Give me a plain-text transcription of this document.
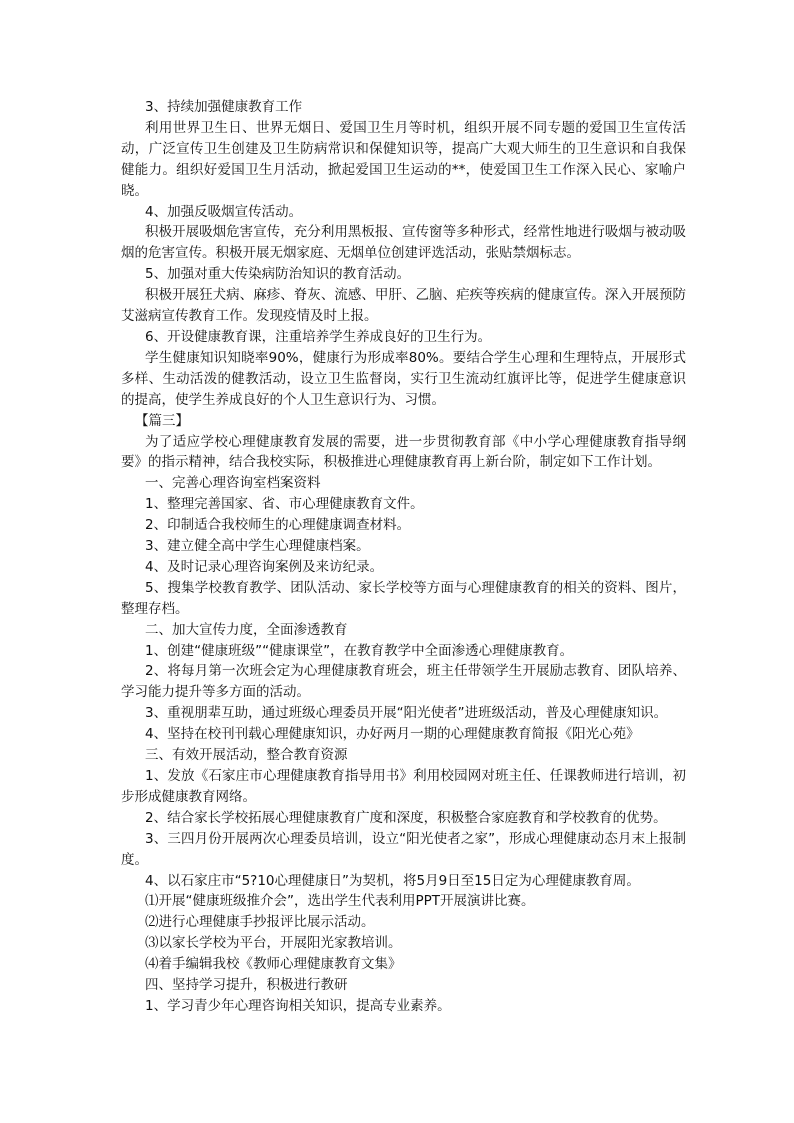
3、持续加强健康教育工作

利用世界卫生日、世界无烟日、爱国卫生月等时机，组织开展不同专题的爱国卫生宣传活动，广泛宣传卫生创建及卫生防病常识和保健知识等，提高广大观大师生的卫生意识和自我保健能力。组织好爱国卫生月活动，掀起爱国卫生运动的**，使爱国卫生工作深入民心、家喻户晓。

4、加强反吸烟宣传活动。

积极开展吸烟危害宣传，充分利用黑板报、宣传窗等多种形式，经常性地进行吸烟与被动吸烟的危害宣传。积极开展无烟家庭、无烟单位创建评选活动，张贴禁烟标志。

5、加强对重大传染病防治知识的教育活动。

积极开展狂犬病、麻疹、脊灰、流感、甲肝、乙脑、疟疾等疾病的健康宣传。深入开展预防艾滋病宣传教育工作。发现疫情及时上报。

6、开设健康教育课，注重培养学生养成良好的卫生行为。

学生健康知识知晓率90%，健康行为形成率80%。要结合学生心理和生理特点，开展形式多样、生动活泼的健教活动，设立卫生监督岗，实行卫生流动红旗评比等，促进学生健康意识的提高，使学生养成良好的个人卫生意识行为、习惯。

【篇三】

为了适应学校心理健康教育发展的需要，进一步贯彻教育部《中小学心理健康教育指导纲要》的指示精神，结合我校实际，积极推进心理健康教育再上新台阶，制定如下工作计划。

一、完善心理咨询室档案资料

1、整理完善国家、省、市心理健康教育文件。

2、印制适合我校师生的心理健康调查材料。

3、建立健全高中学生心理健康档案。

4、及时记录心理咨询案例及来访纪录。

5、搜集学校教育教学、团队活动、家长学校等方面与心理健康教育的相关的资料、图片，整理存档。

二、加大宣传力度，全面渗透教育

1、创建“健康班级”“健康课堂”，在教育教学中全面渗透心理健康教育。

2、将每月第一次班会定为心理健康教育班会，班主任带领学生开展励志教育、团队培养、学习能力提升等多方面的活动。

3、重视朋辈互助，通过班级心理委员开展“阳光使者”进班级活动，普及心理健康知识。

4、坚持在校刊刊载心理健康知识，办好两月一期的心理健康教育简报《阳光心苑》

三、有效开展活动，整合教育资源

1、发放《石家庄市心理健康教育指导用书》利用校园网对班主任、任课教师进行培训，初步形成健康教育网络。

2、结合家长学校拓展心理健康教育广度和深度，积极整合家庭教育和学校教育的优势。

3、三四月份开展两次心理委员培训，设立“阳光使者之家”，形成心理健康动态月末上报制度。

4、以石家庄市“5?10心理健康日”为契机，将5月9日至15日定为心理健康教育周。

⑴开展“健康班级推介会”，选出学生代表利用PPT开展演讲比赛。

⑵进行心理健康手抄报评比展示活动。

⑶以家长学校为平台，开展阳光家教培训。

⑷着手编辑我校《教师心理健康教育文集》

四、坚持学习提升，积极进行教研

1、学习青少年心理咨询相关知识，提高专业素养。
